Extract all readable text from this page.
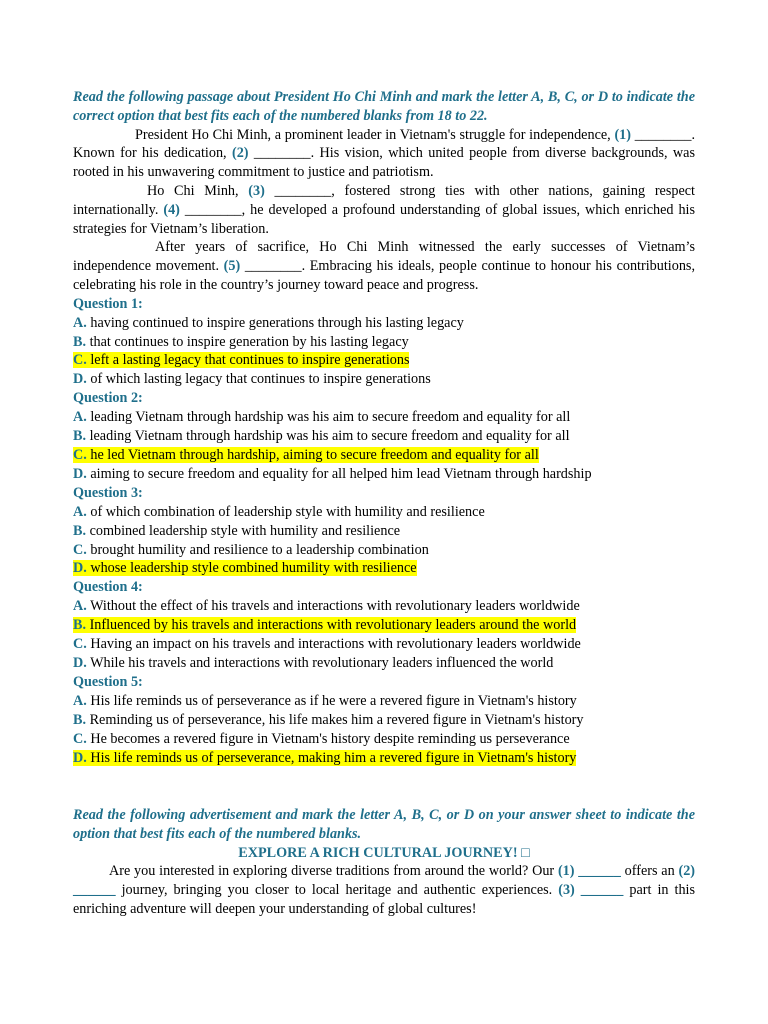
Read the following passage about President Ho Chi Minh and mark the letter A, B, C, or D to indicate the correct option that best fits each of the numbered blanks from 18 to 22.
President Ho Chi Minh, a prominent leader in Vietnam's struggle for independence, (1) ________. Known for his dedication, (2) ________. His vision, which united people from diverse backgrounds, was rooted in his unwavering commitment to justice and patriotism.
Ho Chi Minh, (3) ________, fostered strong ties with other nations, gaining respect internationally. (4) ________, he developed a profound understanding of global issues, which enriched his strategies for Vietnam’s liberation.
After years of sacrifice, Ho Chi Minh witnessed the early successes of Vietnam’s independence movement. (5) ________. Embracing his ideals, people continue to honour his contributions, celebrating his role in the country’s journey toward peace and progress.
Question 1:
A. having continued to inspire generations through his lasting legacy
B. that continues to inspire generation by his lasting legacy
C. left a lasting legacy that continues to inspire generations
D. of which lasting legacy that continues to inspire generations
Question 2:
A. leading Vietnam through hardship was his aim to secure freedom and equality for all
B. leading Vietnam through hardship was his aim to secure freedom and equality for all
C. he led Vietnam through hardship, aiming to secure freedom and equality for all
D. aiming to secure freedom and equality for all helped him lead Vietnam through hardship
Question 3:
A. of which combination of leadership style with humility and resilience
B. combined leadership style with humility and resilience
C. brought humility and resilience to a leadership combination
D. whose leadership style combined humility with resilience
Question 4:
A. Without the effect of his travels and interactions with revolutionary leaders worldwide
B. Influenced by his travels and interactions with revolutionary leaders around the world
C. Having an impact on his travels and interactions with revolutionary leaders worldwide
D. While his travels and interactions with revolutionary leaders influenced the world
Question 5:
A. His life reminds us of perseverance as if he were a revered figure in Vietnam's history
B. Reminding us of perseverance, his life makes him a revered figure in Vietnam's history
C. He becomes a revered figure in Vietnam's history despite reminding us perseverance
D. His life reminds us of perseverance, making him a revered figure in Vietnam's history
Read the following advertisement and mark the letter A, B, C, or D on your answer sheet to indicate the option that best fits each of the numbered blanks.
EXPLORE A RICH CULTURAL JOURNEY! □
Are you interested in exploring diverse traditions from around the world? Our (1) ______ offers an (2) ______ journey, bringing you closer to local heritage and authentic experiences. (3) ______ part in this enriching adventure will deepen your understanding of global cultures!
